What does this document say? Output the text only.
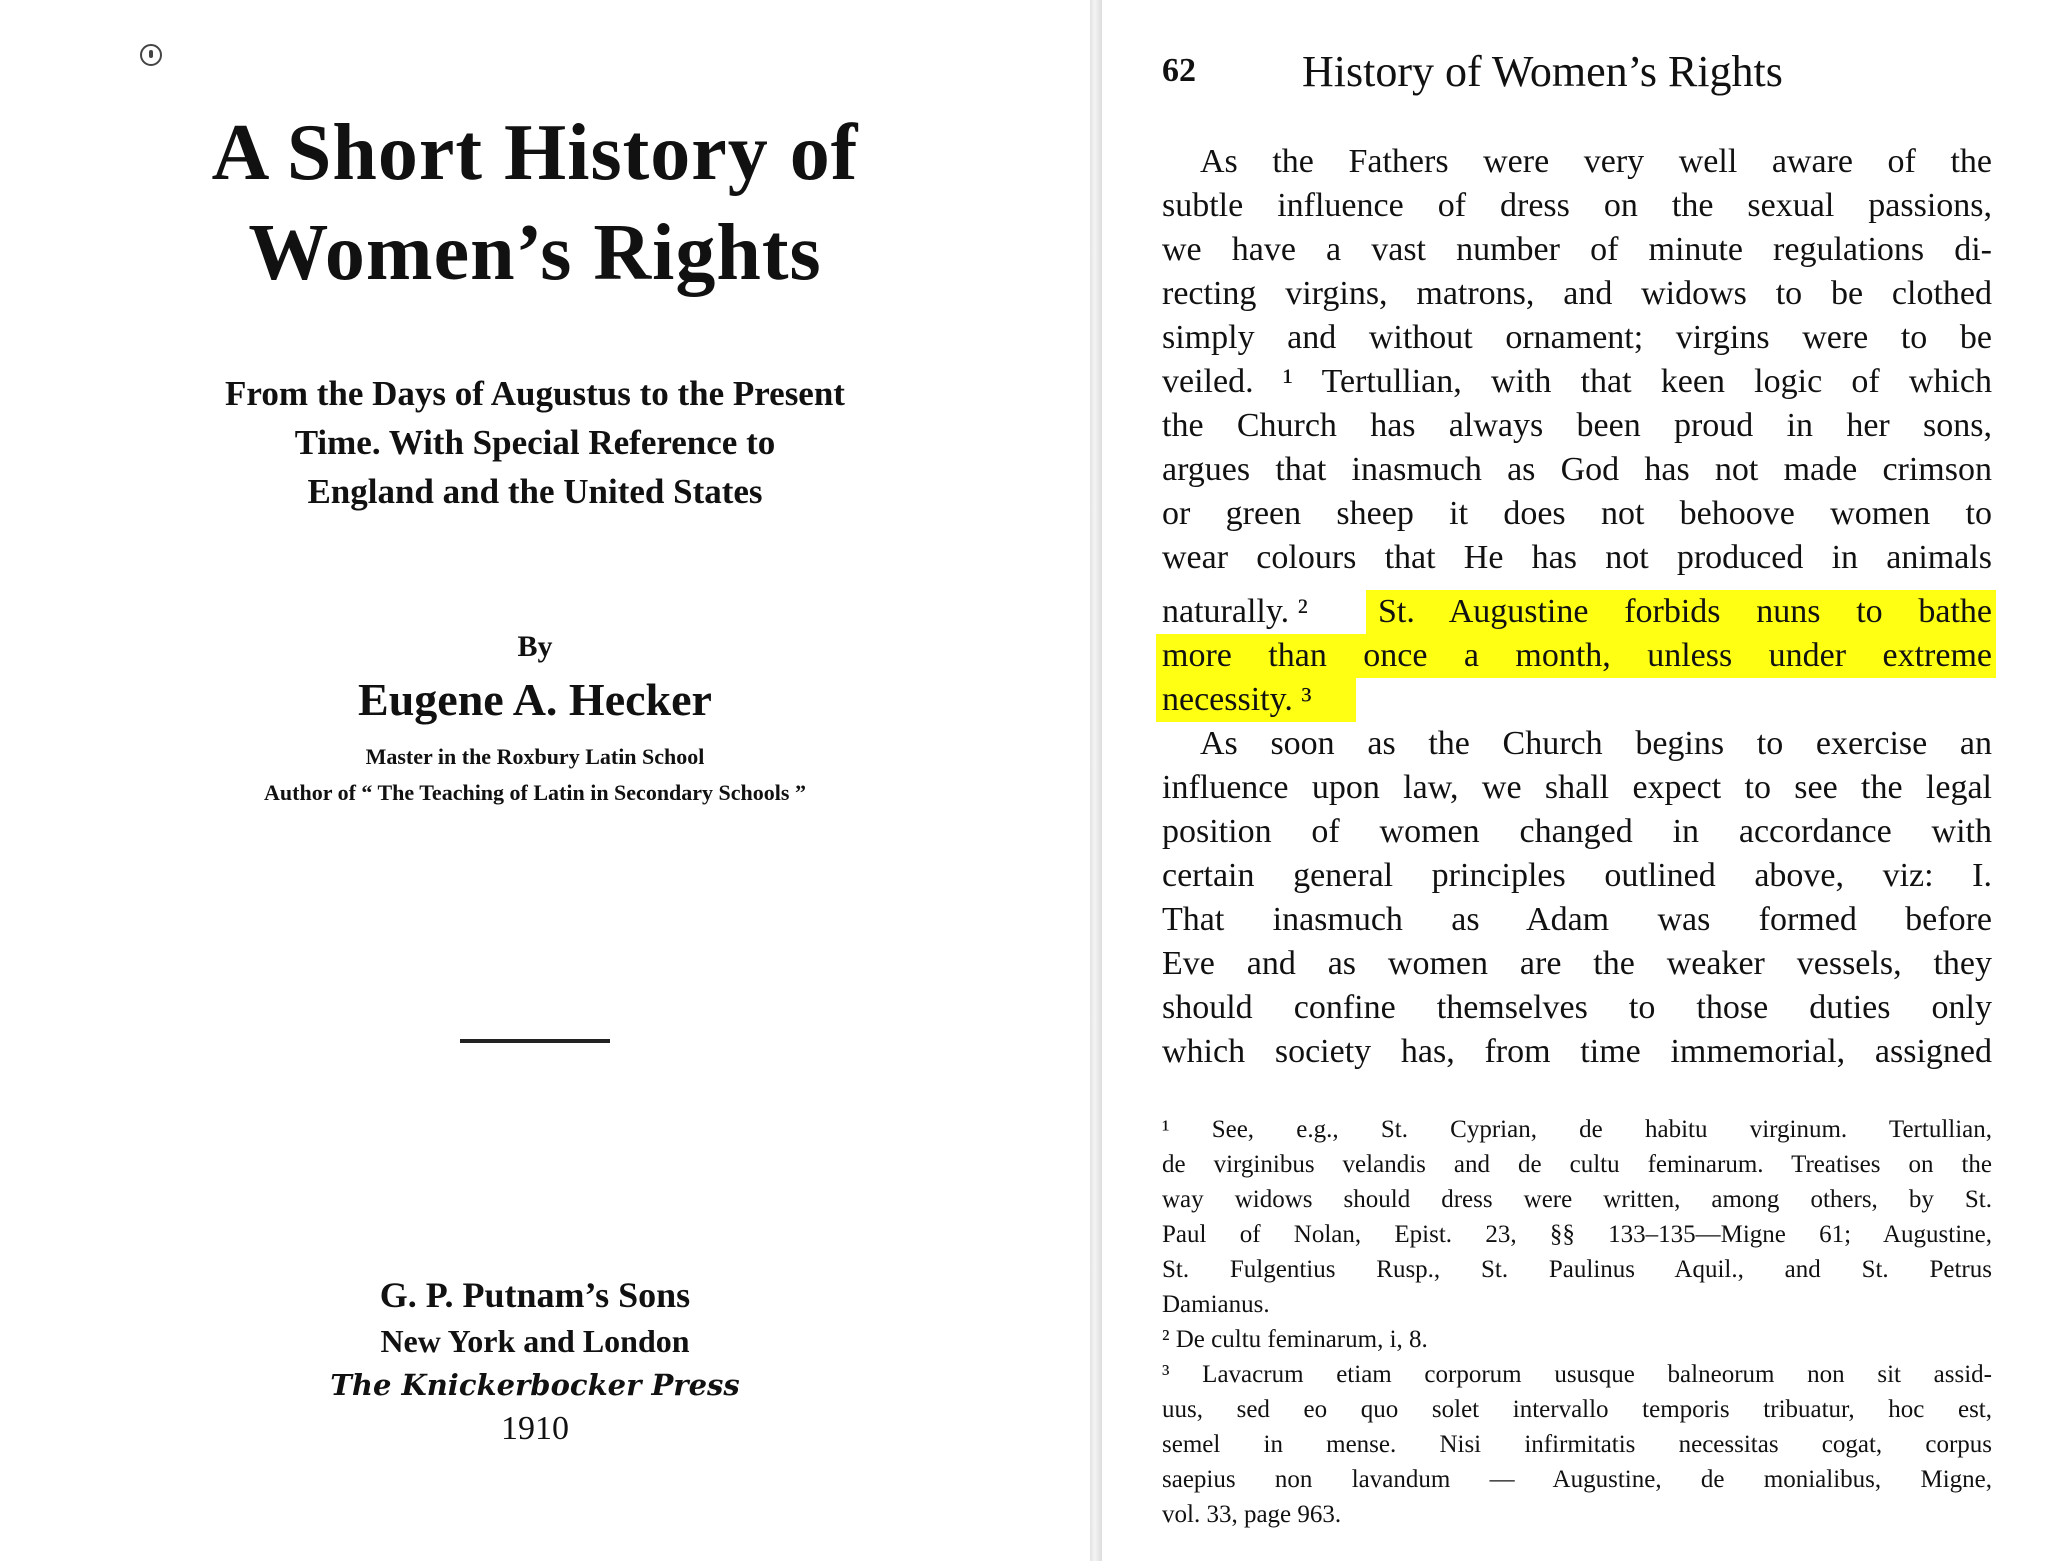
A Short History of
Women’s Rights
From the Days of Augustus to the Present
Time. With Special Reference to
England and the United States
By
Eugene A. Hecker
Master in the Roxbury Latin School
Author of “ The Teaching of Latin in Secondary Schools ”
G. P. Putnam’s Sons
New York and London
The Knickerbocker Press
1910
62 History of Women’s Rights
As the Fathers were very well aware of the
subtle influence of dress on the sexual passions,
we have a vast number of minute regulations di-
recting virgins, matrons, and widows to be clothed
simply and without ornament; virgins were to be
veiled. ¹ Tertullian, with that keen logic of which
the Church has always been proud in her sons,
argues that inasmuch as God has not made crimson
or green sheep it does not behoove women to
wear colours that He has not produced in animals
naturally. ²	St. Augustine forbids nuns to bathe
more than once a month, unless under extreme
necessity. ³
As soon as the Church begins to exercise an
influence upon law, we shall expect to see the legal
position of women changed in accordance with
certain general principles outlined above, viz: I.
That inasmuch as Adam was formed before
Eve and as women are the weaker vessels, they
should confine themselves to those duties only
which society has, from time immemorial, assigned
¹ See, e.g., St. Cyprian, de habitu virginum. Tertullian,
de virginibus velandis and de cultu feminarum. Treatises on the
way widows should dress were written, among others, by St.
Paul of Nolan, Epist. 23, §§ 133–135—Migne 61; Augustine,
St. Fulgentius Rusp., St. Paulinus Aquil., and St. Petrus
Damianus.
² De cultu feminarum, i, 8.
³ Lavacrum etiam corporum ususque balneorum non sit assid-
uus, sed eo quo solet intervallo temporis tribuatur, hoc est,
semel in mense. Nisi infirmitatis necessitas cogat, corpus
saepius non lavandum — Augustine, de monialibus, Migne,
vol. 33, page 963.
